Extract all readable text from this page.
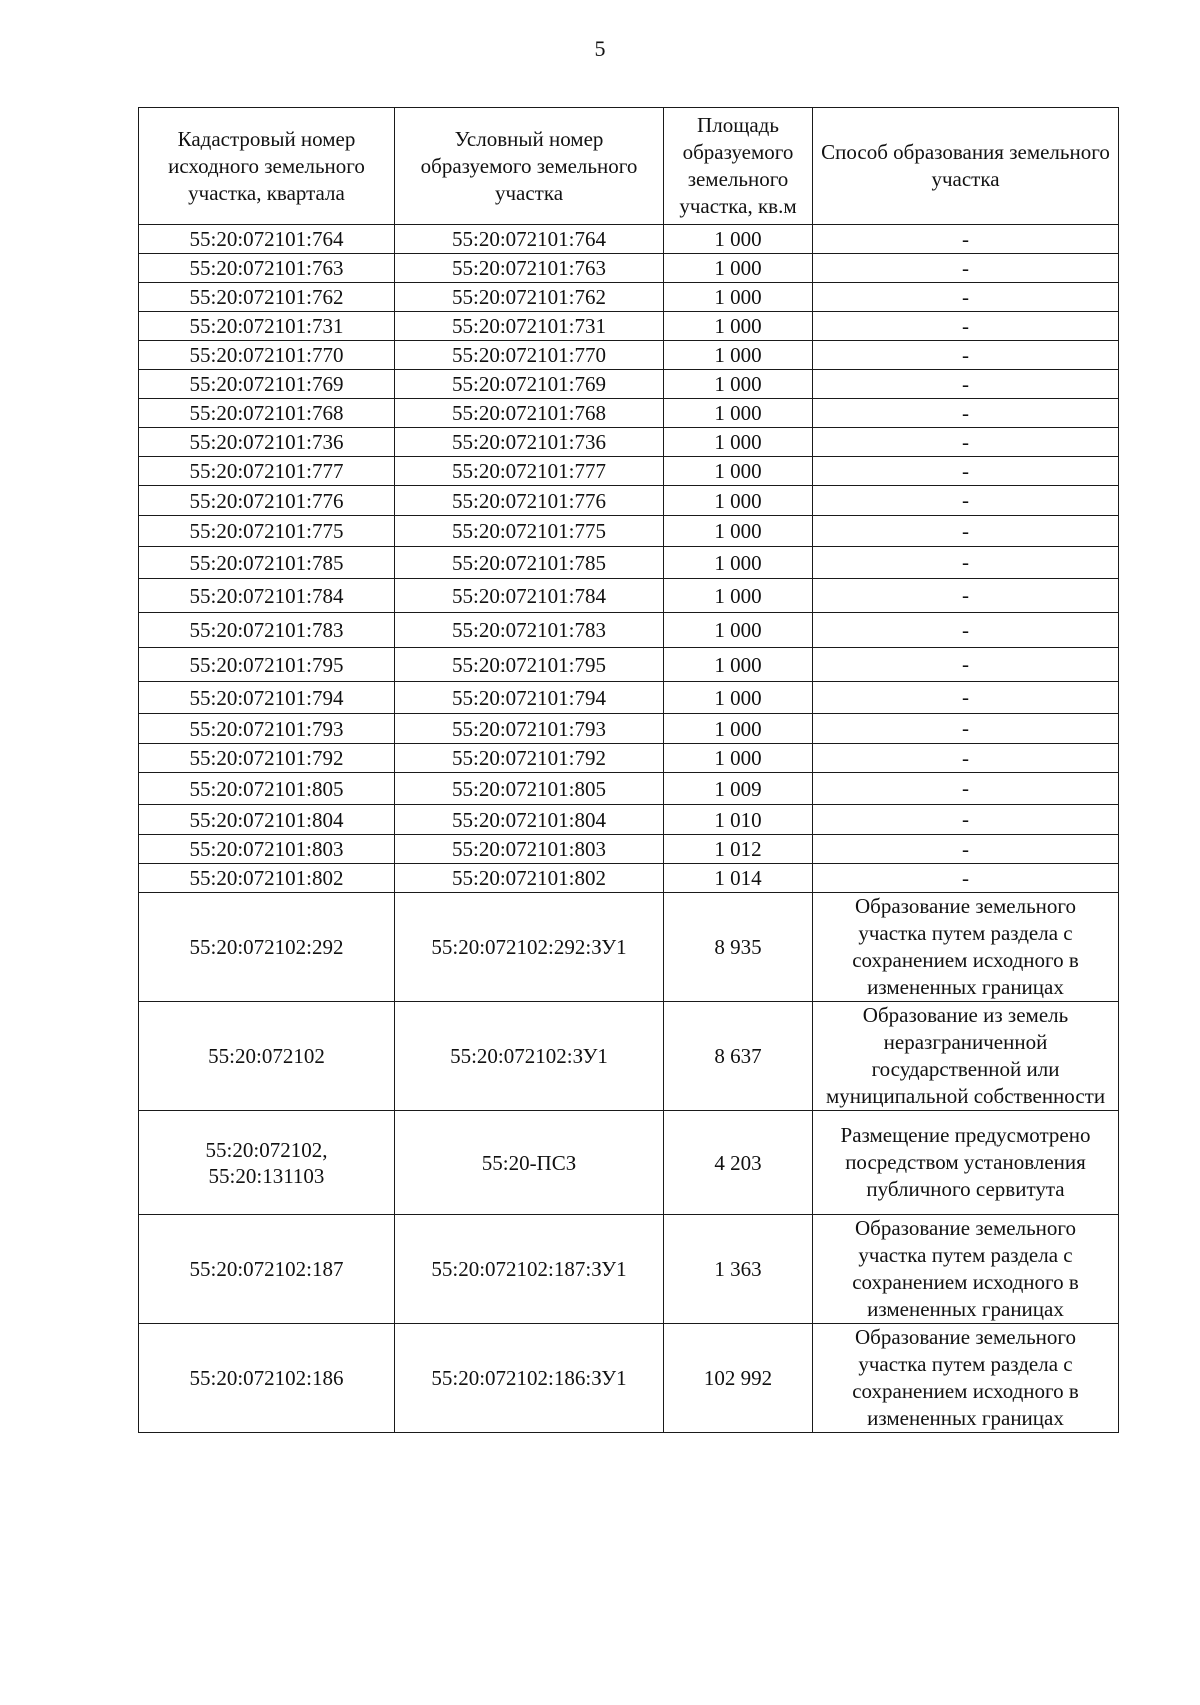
5
Кадастровый номер исходного земельного участка, квартала	Условный номер образуемого земельного участка	Площадь образуемого земельного участка, кв.м	Способ образования земельного участка
55:20:072101:764	55:20:072101:764	1 000	-
55:20:072101:763	55:20:072101:763	1 000	-
55:20:072101:762	55:20:072101:762	1 000	-
55:20:072101:731	55:20:072101:731	1 000	-
55:20:072101:770	55:20:072101:770	1 000	-
55:20:072101:769	55:20:072101:769	1 000	-
55:20:072101:768	55:20:072101:768	1 000	-
55:20:072101:736	55:20:072101:736	1 000	-
55:20:072101:777	55:20:072101:777	1 000	-
55:20:072101:776	55:20:072101:776	1 000	-
55:20:072101:775	55:20:072101:775	1 000	-
55:20:072101:785	55:20:072101:785	1 000	-
55:20:072101:784	55:20:072101:784	1 000	-
55:20:072101:783	55:20:072101:783	1 000	-
55:20:072101:795	55:20:072101:795	1 000	-
55:20:072101:794	55:20:072101:794	1 000	-
55:20:072101:793	55:20:072101:793	1 000	-
55:20:072101:792	55:20:072101:792	1 000	-
55:20:072101:805	55:20:072101:805	1 009	-
55:20:072101:804	55:20:072101:804	1 010	-
55:20:072101:803	55:20:072101:803	1 012	-
55:20:072101:802	55:20:072101:802	1 014	-
55:20:072102:292	55:20:072102:292:ЗУ1	8 935	Образование земельного участка путем раздела с сохранением исходного в измененных границах
55:20:072102	55:20:072102:ЗУ1	8 637	Образование из земель неразграниченной государственной или муниципальной собственности
55:20:072102, 55:20:131103	55:20-ПСЗ	4 203	Размещение предусмотрено посредством установления публичного сервитута
55:20:072102:187	55:20:072102:187:ЗУ1	1 363	Образование земельного участка путем раздела с сохранением исходного в измененных границах
55:20:072102:186	55:20:072102:186:ЗУ1	102 992	Образование земельного участка путем раздела с сохранением исходного в измененных границах
